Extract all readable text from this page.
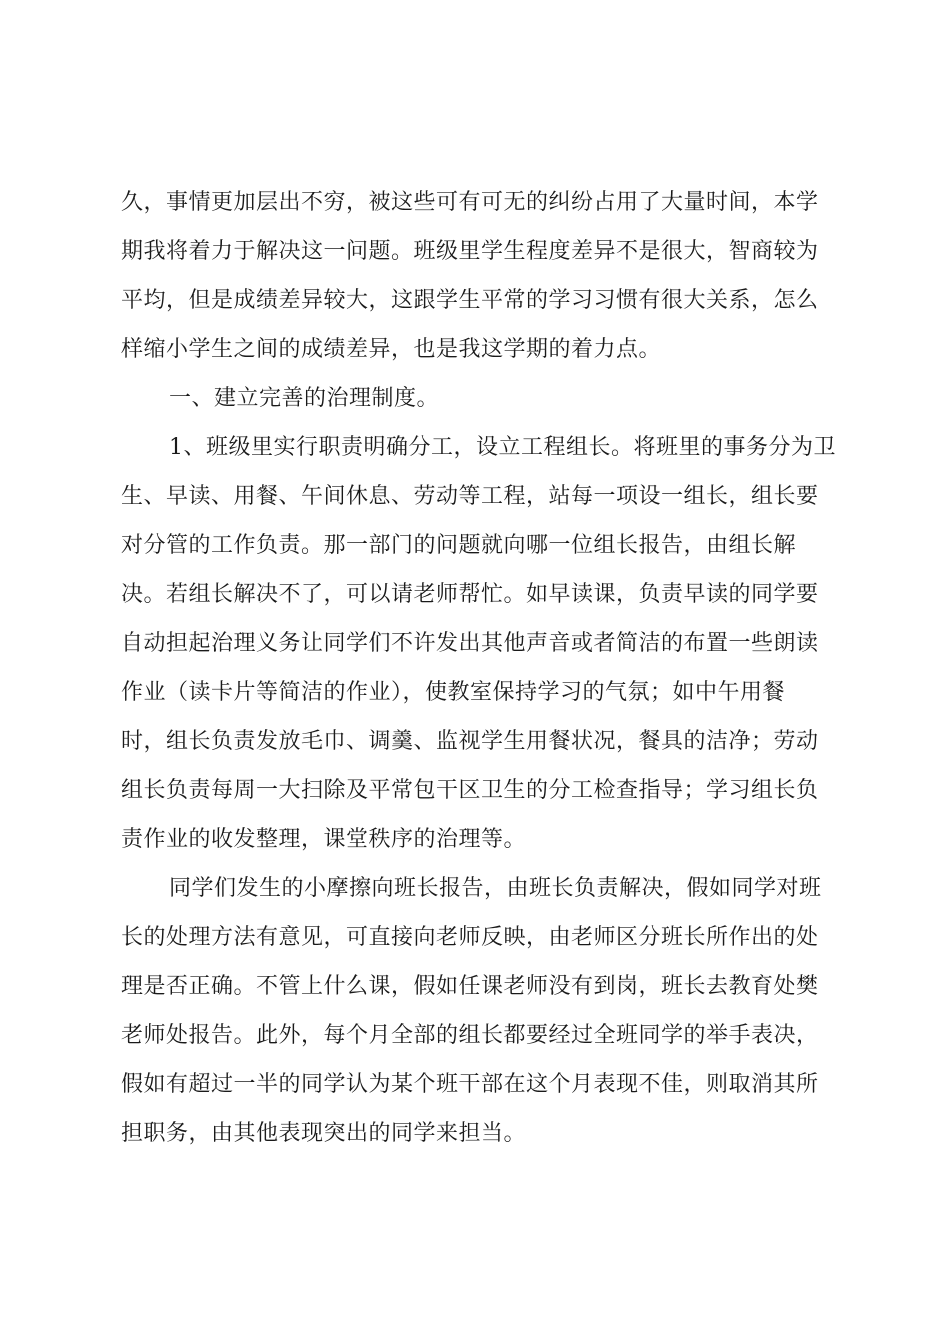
久，事情更加层出不穷，被这些可有可无的纠纷占用了大量时间，本学
期我将着力于解决这一问题。班级里学生程度差异不是很大，智商较为
平均，但是成绩差异较大，这跟学生平常的学习习惯有很大关系，怎么
样缩小学生之间的成绩差异，也是我这学期的着力点。
一、建立完善的治理制度。
1、班级里实行职责明确分工，设立工程组长。将班里的事务分为卫
生、早读、用餐、午间休息、劳动等工程，站每一项设一组长，组长要
对分管的工作负责。那一部门的问题就向哪一位组长报告，由组长解
决。若组长解决不了，可以请老师帮忙。如早读课，负责早读的同学要
自动担起治理义务让同学们不许发出其他声音或者简洁的布置一些朗读
作业（读卡片等简洁的作业），使教室保持学习的气氛；如中午用餐
时，组长负责发放毛巾、调羹、监视学生用餐状况，餐具的洁净；劳动
组长负责每周一大扫除及平常包干区卫生的分工检查指导；学习组长负
责作业的收发整理，课堂秩序的治理等。
同学们发生的小摩擦向班长报告，由班长负责解决，假如同学对班
长的处理方法有意见，可直接向老师反映，由老师区分班长所作出的处
理是否正确。不管上什么课，假如任课老师没有到岗，班长去教育处樊
老师处报告。此外，每个月全部的组长都要经过全班同学的举手表决，
假如有超过一半的同学认为某个班干部在这个月表现不佳，则取消其所
担职务，由其他表现突出的同学来担当。
